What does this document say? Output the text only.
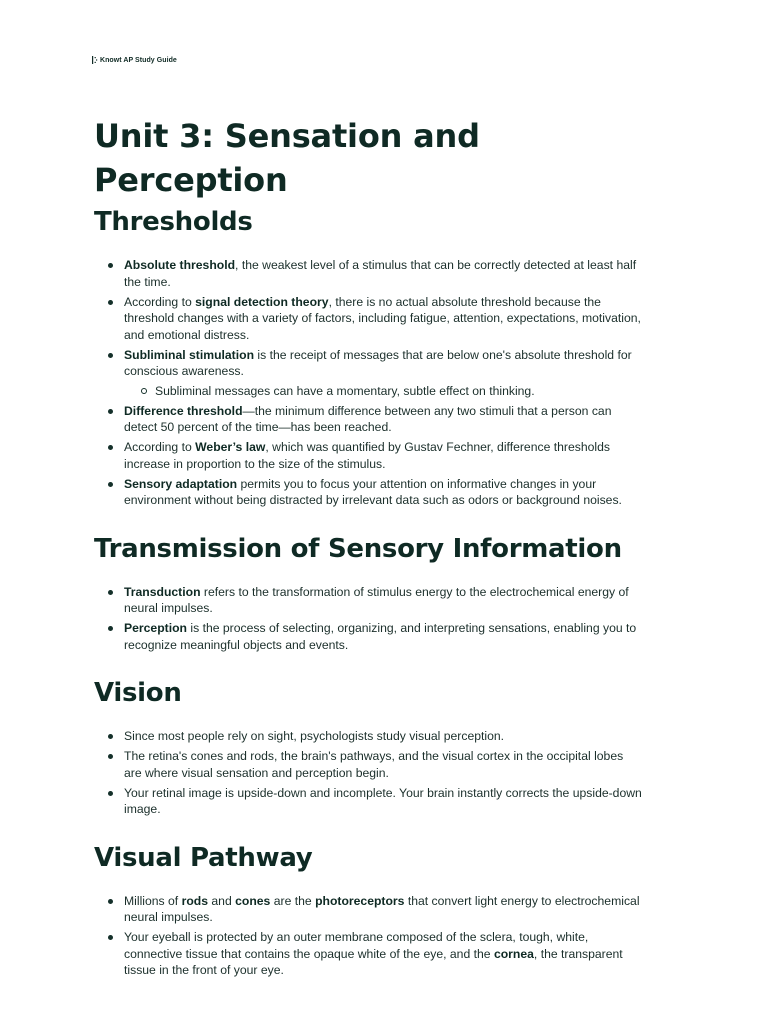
Knowt AP Study Guide
Unit 3: Sensation and Perception
Thresholds
Absolute threshold, the weakest level of a stimulus that can be correctly detected at least half the time.
According to signal detection theory, there is no actual absolute threshold because the threshold changes with a variety of factors, including fatigue, attention, expectations, motivation, and emotional distress.
Subliminal stimulation is the receipt of messages that are below one's absolute threshold for conscious awareness.
Subliminal messages can have a momentary, subtle effect on thinking.
Difference threshold—the minimum difference between any two stimuli that a person can detect 50 percent of the time—has been reached.
According to Weber’s law, which was quantified by Gustav Fechner, difference thresholds increase in proportion to the size of the stimulus.
Sensory adaptation permits you to focus your attention on informative changes in your environment without being distracted by irrelevant data such as odors or background noises.
Transmission of Sensory Information
Transduction refers to the transformation of stimulus energy to the electrochemical energy of neural impulses.
Perception is the process of selecting, organizing, and interpreting sensations, enabling you to recognize meaningful objects and events.
Vision
Since most people rely on sight, psychologists study visual perception.
The retina's cones and rods, the brain's pathways, and the visual cortex in the occipital lobes are where visual sensation and perception begin.
Your retinal image is upside-down and incomplete. Your brain instantly corrects the upside-down image.
Visual Pathway
Millions of rods and cones are the photoreceptors that convert light energy to electrochemical neural impulses.
Your eyeball is protected by an outer membrane composed of the sclera, tough, white, connective tissue that contains the opaque white of the eye, and the cornea, the transparent tissue in the front of your eye.
